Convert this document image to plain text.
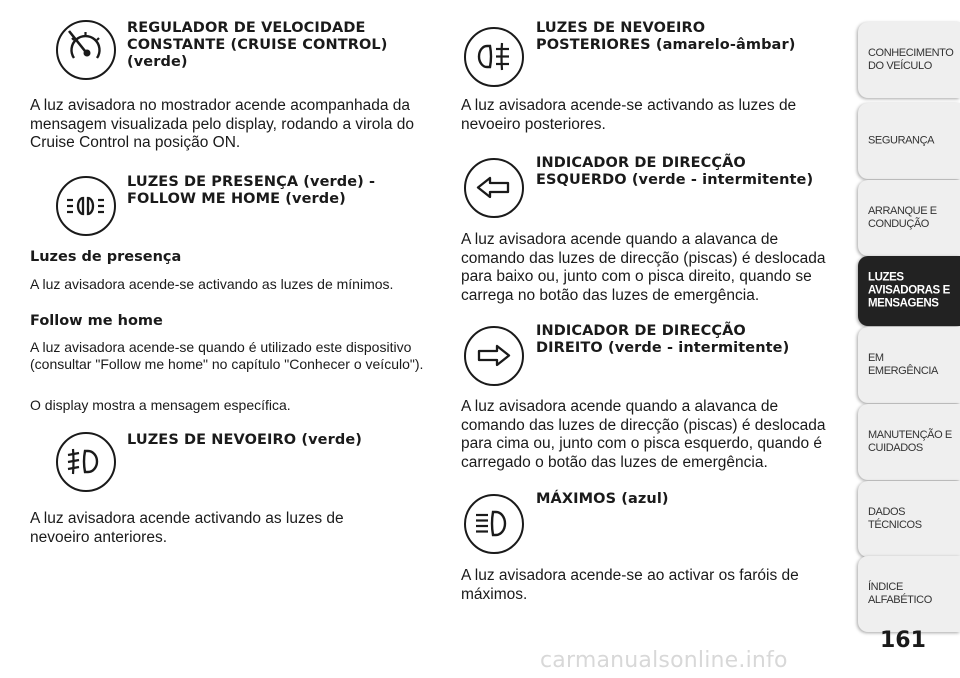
REGULADOR DE VELOCIDADE
CONSTANTE (CRUISE CONTROL)
(verde)
A luz avisadora no mostrador acende acompanhada da mensagem visualizada pelo display, rodando a virola do Cruise Control na posição ON.
LUZES DE PRESENÇA (verde) -
FOLLOW ME HOME (verde)
Luzes de presença
A luz avisadora acende-se activando as luzes de mínimos.
Follow me home
A luz avisadora acende-se quando é utilizado este dispositivo (consultar "Follow me home" no capítulo "Conhecer o veículo").
O display mostra a mensagem específica.
LUZES DE NEVOEIRO (verde)
A luz avisadora acende activando as luzes de nevoeiro anteriores.
LUZES DE NEVOEIRO
POSTERIORES (amarelo-âmbar)
A luz avisadora acende-se activando as luzes de nevoeiro posteriores.
INDICADOR DE DIRECÇÃO
ESQUERDO (verde - intermitente)
A luz avisadora acende quando a alavanca de comando das luzes de direcção (piscas) é deslocada para baixo ou, junto com o pisca direito, quando se carrega no botão das luzes de emergência.
INDICADOR DE DIRECÇÃO
DIREITO (verde - intermitente)
A luz avisadora acende quando a alavanca de comando das luzes de direcção (piscas) é deslocada para cima ou, junto com o pisca esquerdo, quando é carregado o botão das luzes de emergência.
MÁXIMOS (azul)
A luz avisadora acende-se ao activar os faróis de máximos.
CONHECIMENTO DO VEÍCULO
SEGURANÇA
ARRANQUE E CONDUÇÃO
LUZES AVISADORAS E MENSAGENS
EM EMERGÊNCIA
MANUTENÇÃO E CUIDADOS
DADOS TÉCNICOS
ÍNDICE ALFABÉTICO
161
carmanualsonline.info
